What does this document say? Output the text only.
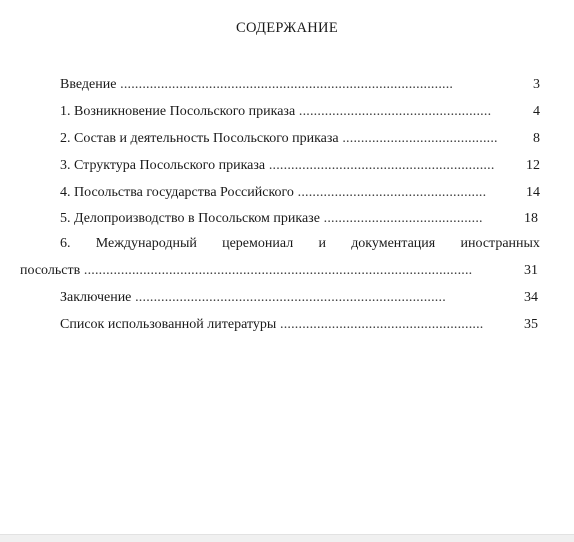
СОДЕРЖАНИЕ
Введение ..........................................................................................	3
1. Возникновение Посольского приказа ....................................................	4
2. Состав и деятельность Посольского приказа ..........................................	8
3. Структура Посольского приказа ............................................................. 12
4. Посольства государства Российского ...................................................	14
5. Делопроизводство в Посольском приказе ...........................................	18
6. Международный церемониал и документация иностранных
посольств .........................................................................................................	31
Заключение ....................................................................................	34
Список использованной литературы .......................................................	35
